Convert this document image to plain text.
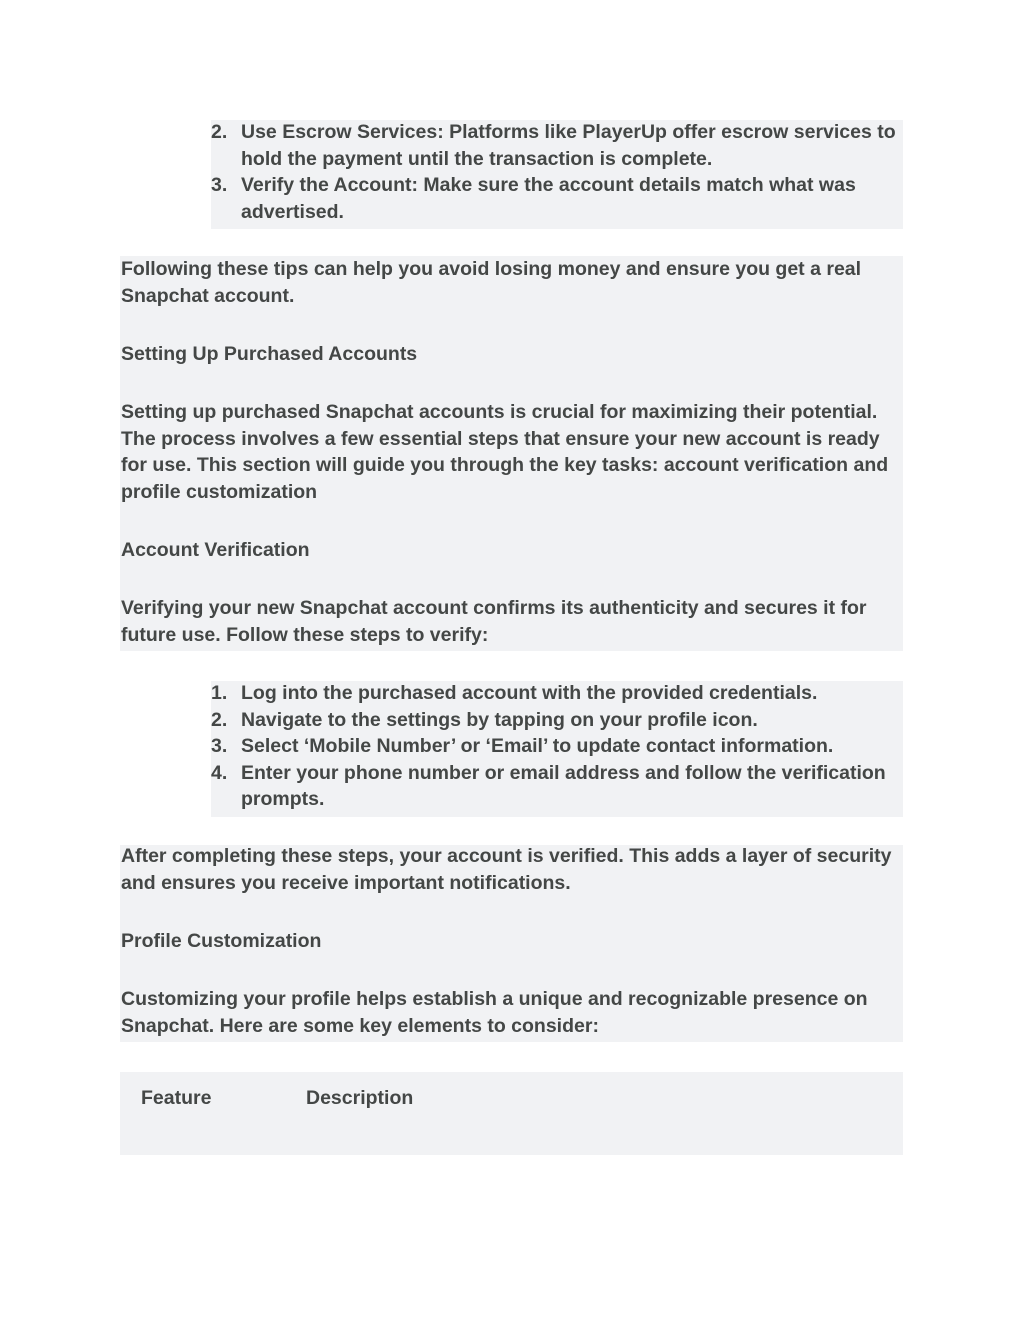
2. Use Escrow Services: Platforms like PlayerUp offer escrow services to hold the payment until the transaction is complete.
3. Verify the Account: Make sure the account details match what was advertised.

Following these tips can help you avoid losing money and ensure you get a real Snapchat account.

Setting Up Purchased Accounts

Setting up purchased Snapchat accounts is crucial for maximizing their potential. The process involves a few essential steps that ensure your new account is ready for use. This section will guide you through the key tasks: account verification and profile customization

Account Verification

Verifying your new Snapchat account confirms its authenticity and secures it for future use. Follow these steps to verify:

1. Log into the purchased account with the provided credentials.
2. Navigate to the settings by tapping on your profile icon.
3. Select ‘Mobile Number’ or ‘Email’ to update contact information.
4. Enter your phone number or email address and follow the verification prompts.

After completing these steps, your account is verified. This adds a layer of security and ensures you receive important notifications.

Profile Customization

Customizing your profile helps establish a unique and recognizable presence on Snapchat. Here are some key elements to consider:

Feature	Description
